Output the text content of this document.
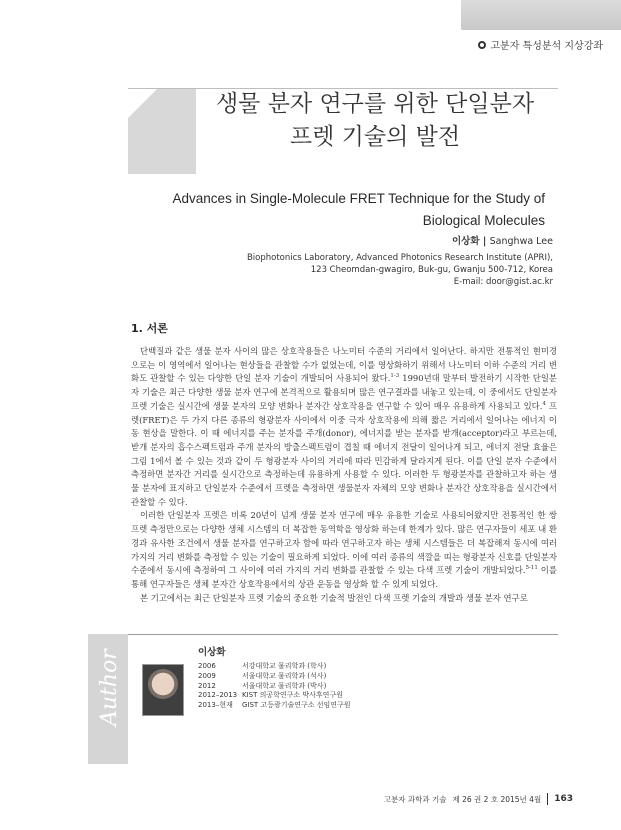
고분자 특성분석 지상강좌
생물 분자 연구를 위한 단일분자
프렛 기술의 발전
Advances in Single-Molecule FRET Technique for the Study of
Biological Molecules
이상화 | Sanghwa Lee
Biophotonics Laboratory, Advanced Photonics Research Institute (APRI),
123 Cheomdan-gwagiro, Buk-gu, Gwanju 500-712, Korea
E-mail: door@gist.ac.kr
1. 서론

단백질과 같은 생물 분자 사이의 많은 상호작용들은 나노미터 수준의 거리에서 일어난다. 하지만 전통적인 현미경으로는 이 영역에서 일어나는 현상들을 관찰할 수가 없었는데, 이를 영상화하기 위해서 나노미터 이하 수준의 거리 변화도 관찰할 수 있는 다양한 단일 분자 기술이 개발되어 사용되어 왔다.$^{1-3}$ 1990년대 말부터 발전하기 시작한 단일분자 기술은 최근 다양한 생물 분자 연구에 본격적으로 활용되며 많은 연구결과를 내놓고 있는데, 이 중에서도 단일분자 프렛 기술은 실시간에 생물 분자의 모양 변화나 분자간 상호작용을 연구할 수 있어 매우 유용하게 사용되고 있다.$^4$ 프렛(FRET)은 두 가지 다른 종류의 형광분자 사이에서 이중 극자 상호작용에 의해 짧은 거리에서 일어나는 에너지 이동 현상을 말한다. 이 때 에너지를 주는 분자를 주개(donor), 에너지를 받는 분자를 받개(acceptor)라고 부르는데, 받개 분자의 흡수스펙트럼과 주개 분자의 방출스펙트럼이 겹칠 때 에너지 전달이 일어나게 되고, 에너지 전달 효율은 그림 1에서 볼 수 있는 것과 같이 두 형광분자 사이의 거리에 따라 민감하게 달라지게 된다. 이를 단일 분자 수준에서 측정하면 분자간 거리를 실시간으로 측정하는데 유용하게 사용할 수 있다. 이러한 두 형광분자를 관찰하고자 하는 생물 분자에 표지하고 단일분자 수준에서 프렛을 측정하면 생물분자 자체의 모양 변화나 분자간 상호작용을 실시간에서 관찰할 수 있다.

이러한 단일분자 프렛은 비록 20년이 넘게 생물 분자 연구에 매우 유용한 기술로 사용되어왔지만 전통적인 한 쌍 프렛 측정만으로는 다양한 생체 시스템의 더 복잡한 동역학을 영상화 하는데 한계가 있다. 많은 연구자들이 세포 내 환경과 유사한 조건에서 생물 분자를 연구하고자 함에 따라 연구하고자 하는 생체 시스템들은 더 복잡해져 동시에 여러 가지의 거리 변화를 측정할 수 있는 기술이 필요하게 되었다. 이에 여러 종류의 색깔을 띠는 형광분자 신호를 단일분자 수준에서 동시에 측정하여 그 사이에 여러 가지의 거리 변화를 관찰할 수 있는 다색 프렛 기술이 개발되었다.$^{5-11}$ 이를 통해 연구자들은 생체 분자간 상호작용에서의 상관 운동을 영상화 할 수 있게 되었다.

본 기고에서는 최근 단일분자 프렛 기술의 중요한 기술적 발전인 다색 프렛 기술의 개발과 생물 분자 연구로

Author	이상화
2006	서강대학교 물리학과 (학사)
2009	서울대학교 물리학과 (석사)
2012	서울대학교 물리학과 (박사)
2012–2013 KIST 의공학연구소 박사후연구원
2013–현재	GIST 고등광기술연구소 선임연구원
고분자 과학과 기술 제 26 권 2 호 2015년 4월 163
